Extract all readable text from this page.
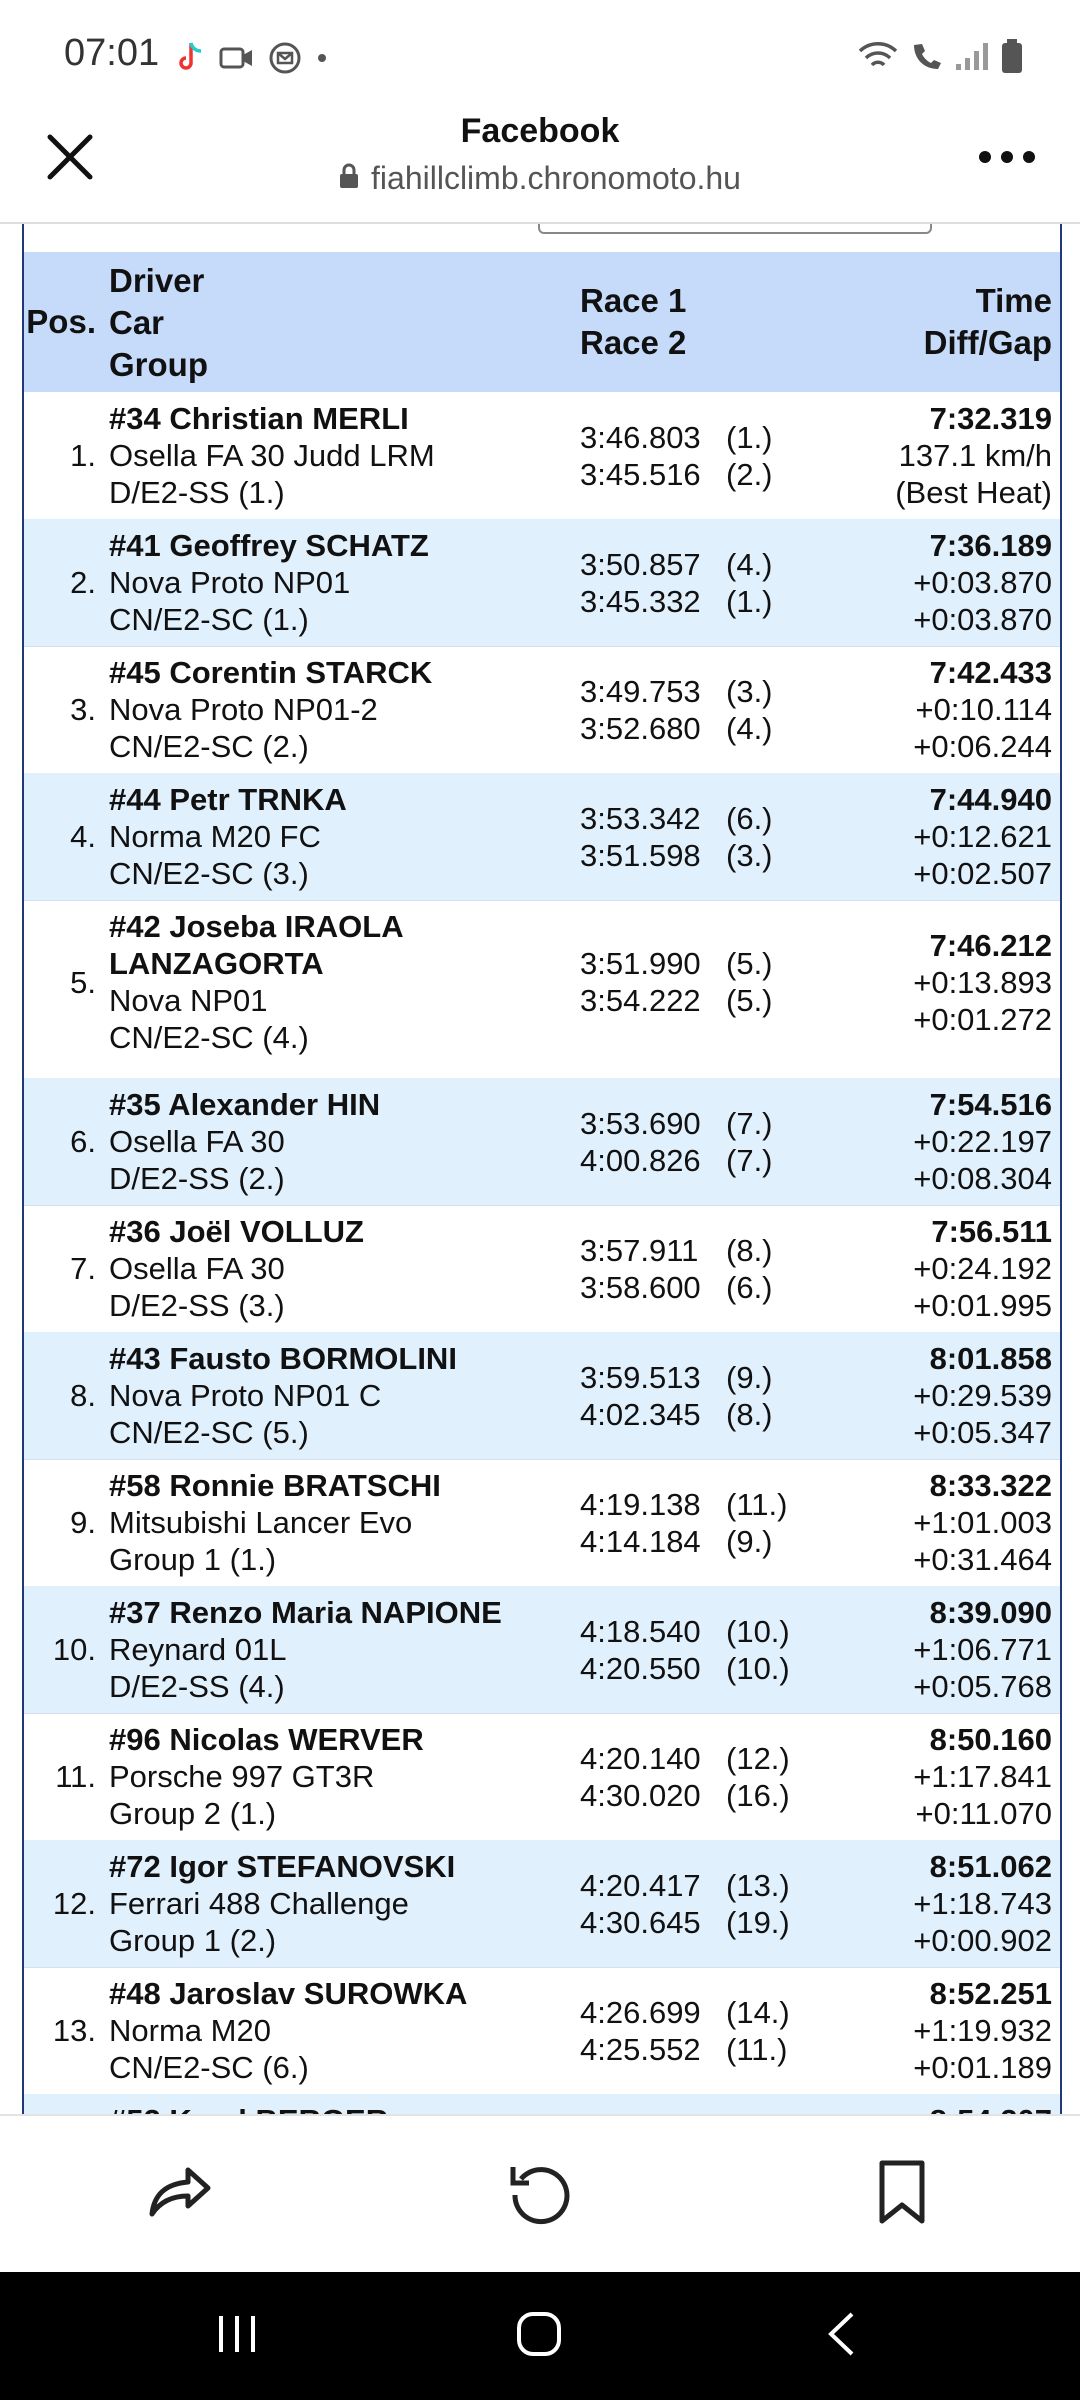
07:01
Facebook
fiahillclimb.chronomoto.hu
Pos.
Driver
Car
Group
Race 1
Race 2
Time
Diff/Gap
1.
#34 Christian MERLI
Osella FA 30 Judd LRM
D/E2-SS (1.)
3:46.803 (1.)
3:45.516 (2.)
7:32.319
137.1 km/h
(Best Heat)
2.
#41 Geoffrey SCHATZ
Nova Proto NP01
CN/E2-SC (1.)
3:50.857 (4.)
3:45.332 (1.)
7:36.189
+0:03.870
+0:03.870
3.
#45 Corentin STARCK
Nova Proto NP01-2
CN/E2-SC (2.)
3:49.753 (3.)
3:52.680 (4.)
7:42.433
+0:10.114
+0:06.244
4.
#44 Petr TRNKA
Norma M20 FC
CN/E2-SC (3.)
3:53.342 (6.)
3:51.598 (3.)
7:44.940
+0:12.621
+0:02.507
5.
#42 Joseba IRAOLA
LANZAGORTA
Nova NP01
CN/E2-SC (4.)
3:51.990 (5.)
3:54.222 (5.)
7:46.212
+0:13.893
+0:01.272
6.
#35 Alexander HIN
Osella FA 30
D/E2-SS (2.)
3:53.690 (7.)
4:00.826 (7.)
7:54.516
+0:22.197
+0:08.304
7.
#36 Joël VOLLUZ
Osella FA 30
D/E2-SS (3.)
3:57.911 (8.)
3:58.600 (6.)
7:56.511
+0:24.192
+0:01.995
8.
#43 Fausto BORMOLINI
Nova Proto NP01 C
CN/E2-SC (5.)
3:59.513 (9.)
4:02.345 (8.)
8:01.858
+0:29.539
+0:05.347
9.
#58 Ronnie BRATSCHI
Mitsubishi Lancer Evo
Group 1 (1.)
4:19.138 (11.)
4:14.184 (9.)
8:33.322
+1:01.003
+0:31.464
10.
#37 Renzo Maria NAPIONE
Reynard 01L
D/E2-SS (4.)
4:18.540 (10.)
4:20.550 (10.)
8:39.090
+1:06.771
+0:05.768
11.
#96 Nicolas WERVER
Porsche 997 GT3R
Group 2 (1.)
4:20.140 (12.)
4:30.020 (16.)
8:50.160
+1:17.841
+0:11.070
12.
#72 Igor STEFANOVSKI
Ferrari 488 Challenge
Group 1 (2.)
4:20.417 (13.)
4:30.645 (19.)
8:51.062
+1:18.743
+0:00.902
13.
#48 Jaroslav SUROWKA
Norma M20
CN/E2-SC (6.)
4:26.699 (14.)
4:25.552 (11.)
8:52.251
+1:19.932
+0:01.189
